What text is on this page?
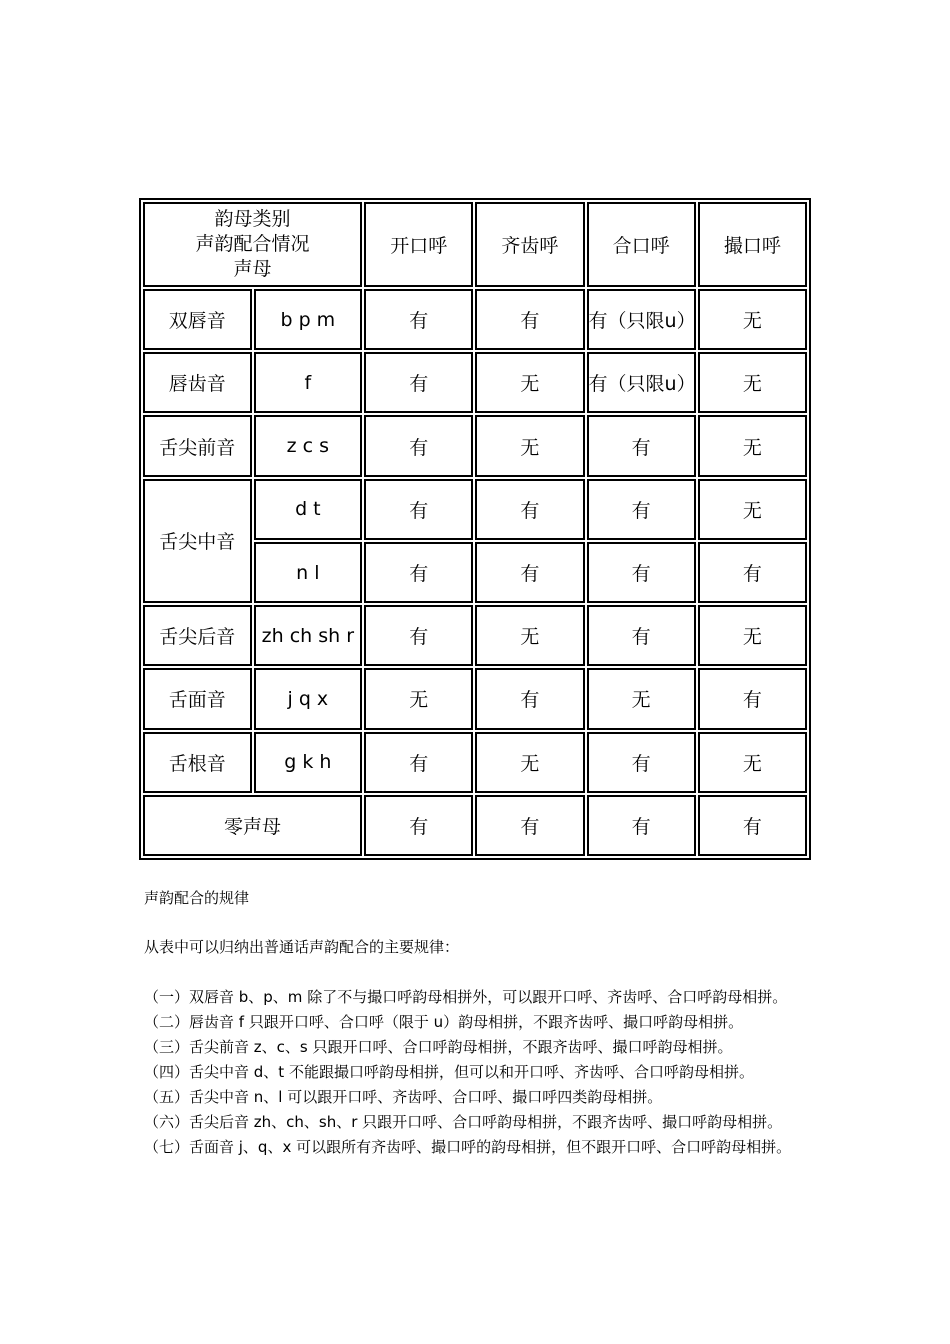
韵母类别
声韵配合情况
声母		开口呼	齐齿呼	合口呼	撮口呼
双唇音	b p m	有	有	有（只限u）	无
唇齿音	f	有	无	有（只限u）	无
舌尖前音	z c s	有	无	有	无
舌尖中音	d t	有	有	有	无
	n l	有	有	有	有
舌尖后音	zh ch sh r	有	无	有	无
舌面音	j q x	无	有	无	有
舌根音	g k h	有	无	有	无
零声母		有	有	有	有
声韵配合的规律
从表中可以归纳出普通话声韵配合的主要规律：

（一）双唇音 b、p、m 除了不与撮口呼韵母相拼外，可以跟开口呼、齐齿呼、合口呼韵母相拼。

（二）唇齿音 f 只跟开口呼、合口呼（限于 u）韵母相拼，不跟齐齿呼、撮口呼韵母相拼。

（三）舌尖前音 z、c、s 只跟开口呼、合口呼韵母相拼，不跟齐齿呼、撮口呼韵母相拼。

（四）舌尖中音 d、t 不能跟撮口呼韵母相拼，但可以和开口呼、齐齿呼、合口呼韵母相拼。

（五）舌尖中音 n、l 可以跟开口呼、齐齿呼、合口呼、撮口呼四类韵母相拼。

（六）舌尖后音 zh、ch、sh、r 只跟开口呼、合口呼韵母相拼，不跟齐齿呼、撮口呼韵母相拼。

（七）舌面音 j、q、x 可以跟所有齐齿呼、撮口呼的韵母相拼，但不跟开口呼、合口呼韵母相拼。
